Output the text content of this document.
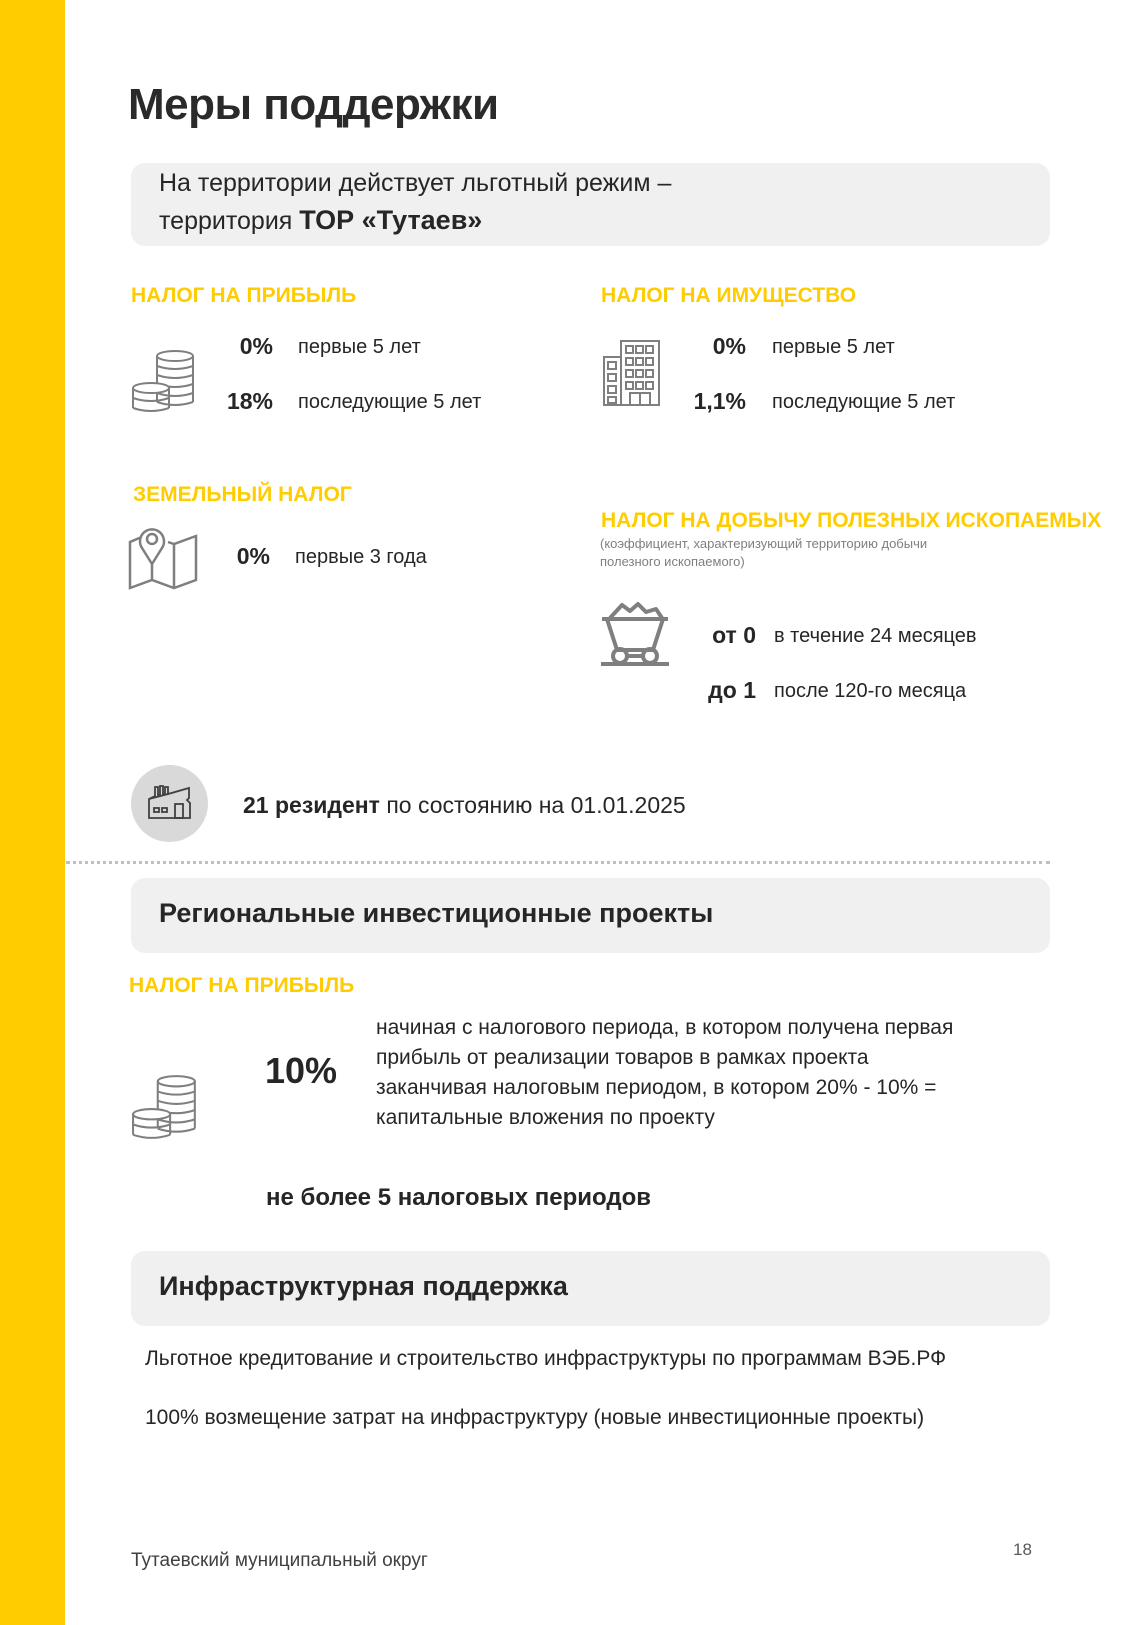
Меры поддержки
На территории действует льготный режим –
территория ТОР «Тутаев»
НАЛОГ НА ПРИБЫЛЬ
0% первые 5 лет
18% последующие 5 лет
НАЛОГ НА ИМУЩЕСТВО
0% первые 5 лет
1,1% последующие 5 лет
ЗЕМЕЛЬНЫЙ НАЛОГ
0% первые 3 года
НАЛОГ НА ДОБЫЧУ ПОЛЕЗНЫХ ИСКОПАЕМЫХ
(коэффициент, характеризующий территорию добычи
полезного ископаемого)
от 0 в течение 24 месяцев
до 1 после 120-го месяца
21 резидент по состоянию на 01.01.2025
Региональные инвестиционные проекты
НАЛОГ НА ПРИБЫЛЬ
10%
начиная с налогового периода, в котором получена первая
прибыль от реализации товаров в рамках проекта
заканчивая налоговым периодом, в котором 20% - 10% =
капитальные вложения по проекту
не более 5 налоговых периодов
Инфраструктурная поддержка
Льготное кредитование и строительство инфраструктуры по программам ВЭБ.РФ
100% возмещение затрат на инфраструктуру (новые инвестиционные проекты)
Тутаевский муниципальный округ
18
